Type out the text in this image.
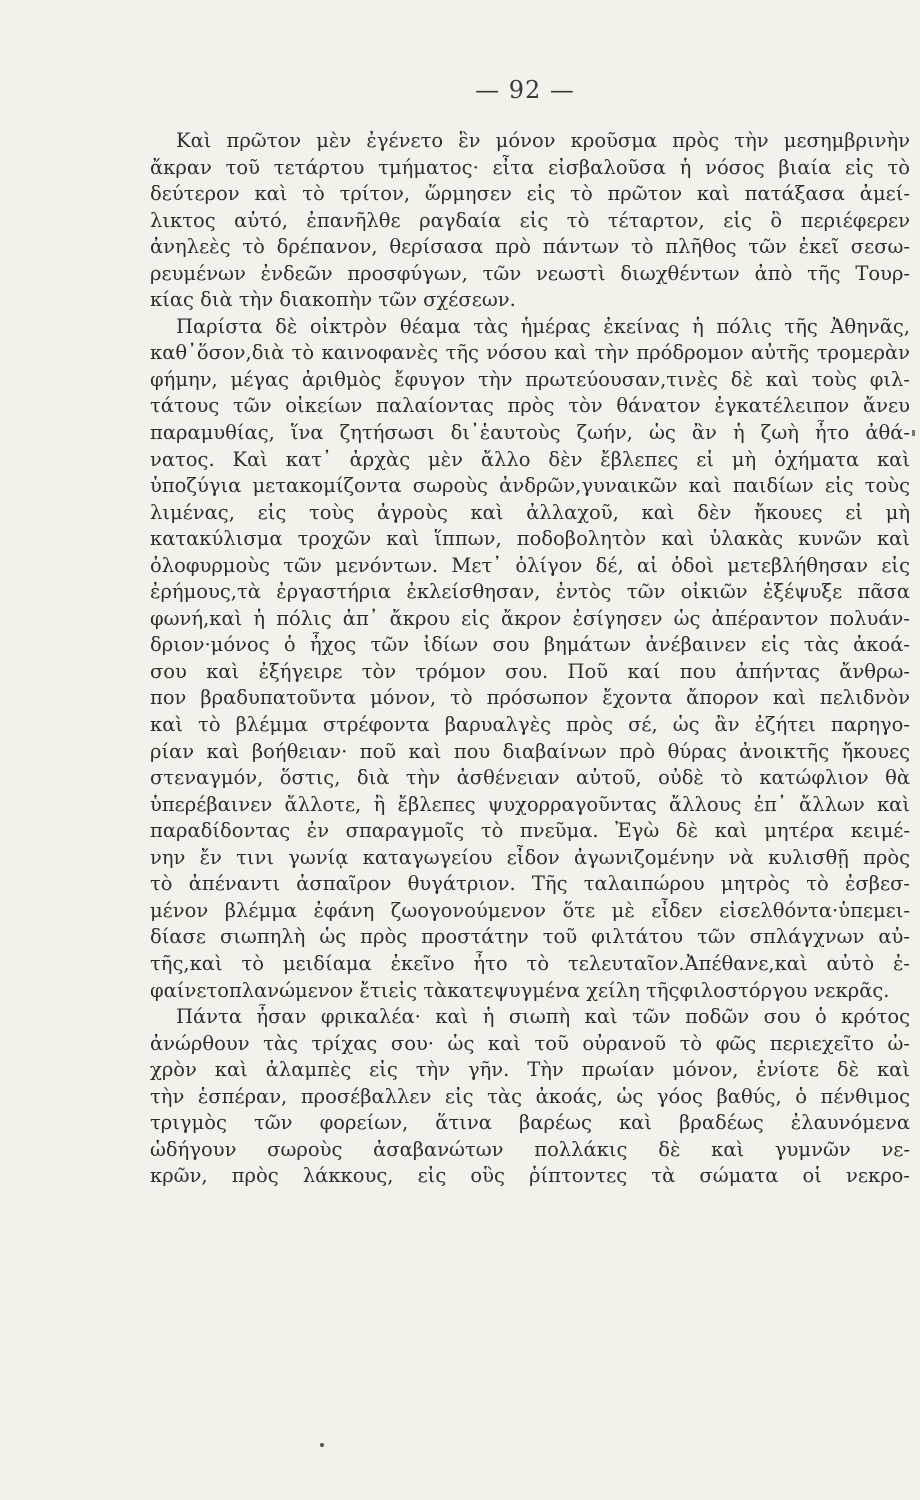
— 92 —
Καὶ πρῶτον μὲν ἐγένετο ἓν μόνον κροῦσμα πρὸς τὴν μεσημβρινὴν
ἄκραν τοῦ τετάρτου τμήματος· εἶτα εἰσβαλοῦσα ἡ νόσος βιαία εἰς τὸ
δεύτερον καὶ τὸ τρίτον, ὥρμησεν εἰς τὸ πρῶτον καὶ πατάξασα ἀμεί-
λικτος αὐτό, ἐπανῆλθε ραγδαία εἰς τὸ τέταρτον, εἰς ὃ περιέφερεν
ἀνηλεὲς τὸ δρέπανον, θερίσασα πρὸ πάντων τὸ πλῆθος τῶν ἐκεῖ σεσω-
ρευμένων ἐνδεῶν προσφύγων, τῶν νεωστὶ διωχθέντων ἀπὸ τῆς Τουρ-
κίας διὰ τὴν διακοπὴν τῶν σχέσεων.
Παρίστα δὲ οἰκτρὸν θέαμα τὰς ἡμέρας ἐκείνας ἡ πόλις τῆς Ἀθηνᾶς,
καθ᾽ὅσον,διὰ τὸ καινοφανὲς τῆς νόσου καὶ τὴν πρόδρομον αὐτῆς τρομερὰν
φήμην, μέγας ἀριθμὸς ἔφυγον τὴν πρωτεύουσαν,τινὲς δὲ καὶ τοὺς φιλ-
τάτους τῶν οἰκείων παλαίοντας πρὸς τὸν θάνατον ἐγκατέλειπον ἄνευ
παραμυθίας, ἵνα ζητήσωσι δι᾽ἑαυτοὺς ζωήν, ὡς ἂν ἡ ζωὴ ἦτο ἀθά-
νατος. Καὶ κατ᾽ ἀρχὰς μὲν ἄλλο δὲν ἔβλεπες εἰ μὴ ὀχήματα καὶ
ὑποζύγια μετακομίζοντα σωροὺς ἀνδρῶν,γυναικῶν καὶ παιδίων εἰς τοὺς
λιμένας, εἰς τοὺς ἀγροὺς καὶ ἀλλαχοῦ, καὶ δὲν ἤκουες εἰ μὴ
κατακύλισμα τροχῶν καὶ ἵππων, ποδοβολητὸν καὶ ὑλακὰς κυνῶν καὶ
ὀλοφυρμοὺς τῶν μενόντων. Μετ᾽ ὀλίγον δέ, αἱ ὁδοὶ μετεβλήθησαν εἰς
ἐρήμους,τὰ ἐργαστήρια ἐκλείσθησαν, ἐντὸς τῶν οἰκιῶν ἐξέψυξε πᾶσα
φωνή,καὶ ἡ πόλις ἀπ᾽ ἄκρου εἰς ἄκρον ἐσίγησεν ὡς ἀπέραντον πολυάν-
δριον·μόνος ὁ ἦχος τῶν ἰδίων σου βημάτων ἀνέβαινεν εἰς τὰς ἀκοά-
σου καὶ ἐξήγειρε τὸν τρόμον σου. Ποῦ καί που ἀπήντας ἄνθρω-
πον βραδυπατοῦντα μόνον, τὸ πρόσωπον ἔχοντα ἄπορον καὶ πελιδνὸν
καὶ τὸ βλέμμα στρέφοντα βαρυαλγὲς πρὸς σέ, ὡς ἂν ἐζήτει παρηγο-
ρίαν καὶ βοήθειαν· ποῦ καὶ που διαβαίνων πρὸ θύρας ἀνοικτῆς ἤκουες
στεναγμόν, ὅστις, διὰ τὴν ἀσθένειαν αὐτοῦ, οὐδὲ τὸ κατώφλιον θὰ
ὑπερέβαινεν ἄλλοτε, ἢ ἔβλεπες ψυχορραγοῦντας ἄλλους ἐπ᾽ ἄλλων καὶ
παραδίδοντας ἐν σπαραγμοῖς τὸ πνεῦμα. Ἐγὼ δὲ καὶ μητέρα κειμέ-
νην ἔν τινι γωνίᾳ καταγωγείου εἶδον ἀγωνιζομένην νὰ κυλισθῇ πρὸς
τὸ ἀπέναντι ἀσπαῖρον θυγάτριον. Τῆς ταλαιπώρου μητρὸς τὸ ἐσβεσ-
μένον βλέμμα ἐφάνη ζωογονούμενον ὅτε μὲ εἶδεν εἰσελθόντα·ὑπεμει-
δίασε σιωπηλὴ ὡς πρὸς προστάτην τοῦ φιλτάτου τῶν σπλάγχνων αὐ-
τῆς,καὶ τὸ μειδίαμα ἐκεῖνο ἦτο τὸ τελευταῖον.Ἀπέθανε,καὶ αὐτὸ ἐ-
φαίνετοπλανώμενον ἔτιεἰς τὰκατεψυγμένα χείλη τῆςφιλοστόργου νεκρᾶς.
Πάντα ἦσαν φρικαλέα· καὶ ἡ σιωπὴ καὶ τῶν ποδῶν σου ὁ κρότος
ἀνώρθουν τὰς τρίχας σου· ὡς καὶ τοῦ οὐρανοῦ τὸ φῶς περιεχεῖτο ὠ-
χρὸν καὶ ἀλαμπὲς εἰς τὴν γῆν. Τὴν πρωίαν μόνον, ἐνίοτε δὲ καὶ
τὴν ἑσπέραν, προσέβαλλεν εἰς τὰς ἀκοάς, ὡς γόος βαθύς, ὁ πένθιμος
τριγμὸς τῶν φορείων, ἅτινα βαρέως καὶ βραδέως ἐλαυνόμενα
ὡδήγουν σωροὺς ἀσαβανώτων πολλάκις δὲ καὶ γυμνῶν νε-
κρῶν, πρὸς λάκκους, εἰς οὓς ῥίπτοντες τὰ σώματα οἱ νεκρο-
